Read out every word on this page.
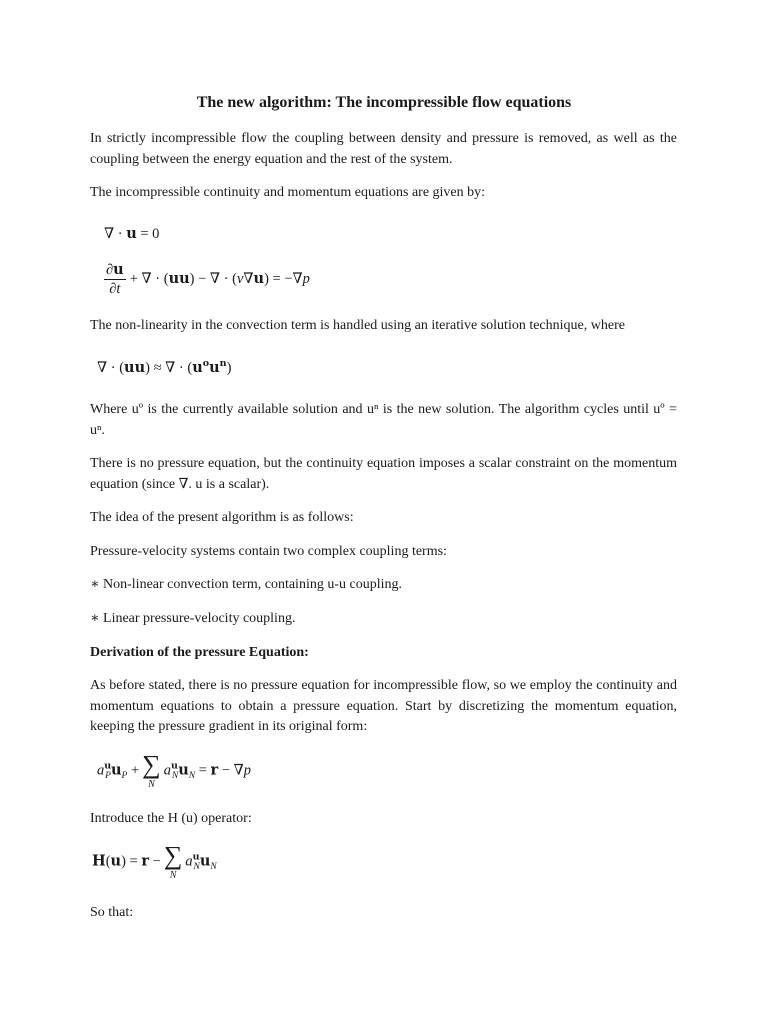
The new algorithm: The incompressible flow equations

In strictly incompressible flow the coupling between density and pressure is removed, as well as the coupling between the energy equation and the rest of the system.

The incompressible continuity and momentum equations are given by:

∇ · u = 0
$\frac{\partial u}{\partial t}$ + ∇ · (uu) − ∇ · (ν∇u) = −∇p

The non-linearity in the convection term is handled using an iterative solution technique, where

∇ · (uu) ≈ ∇ · $(u^ou^n)$

Where uº is the currently available solution and uⁿ is the new solution. The algorithm cycles until uº = uⁿ.

There is no pressure equation, but the continuity equation imposes a scalar constraint on the momentum equation (since ∇. u is a scalar).

The idea of the present algorithm is as follows:

Pressure-velocity systems contain two complex coupling terms:

∗ Non-linear convection term, containing u-u coupling.

∗ Linear pressure-velocity coupling.

Derivation of the pressure Equation:

As before stated, there is no pressure equation for incompressible flow, so we employ the continuity and momentum equations to obtain a pressure equation. Start by discretizing the momentum equation, keeping the pressure gradient in its original form:

$a^u_Pu_P$ + ∑
N
$a^u_Nu_N = r - \nabla p$

Introduce the H (u) operator:

H(u) = r − ∑
N
$a^u_Nu_N$

So that:
